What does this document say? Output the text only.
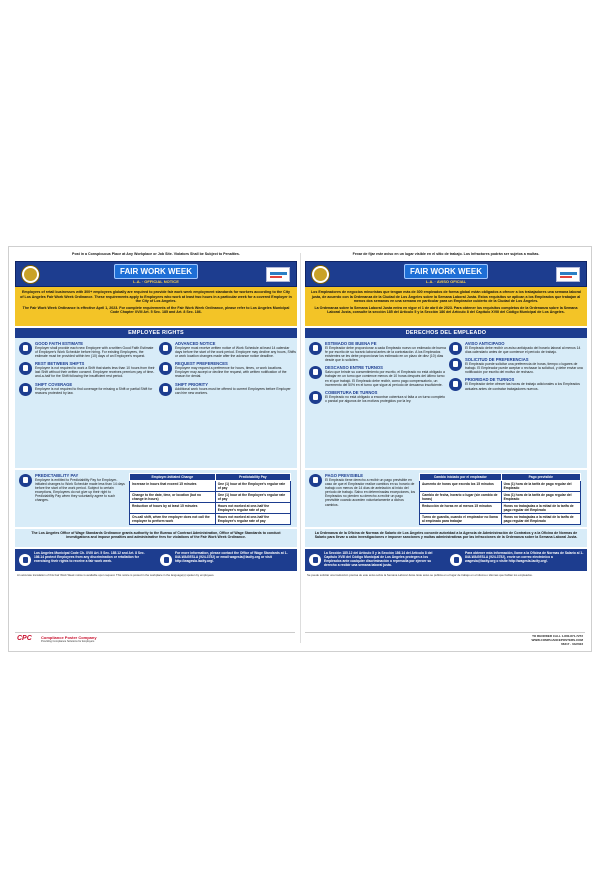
Post in a Conspicuous Place at Any Workplace or Job Site. Violators Shall be Subject to Penalties.
FAIR WORK WEEK
L.A. · OFFICIAL NOTICE

Employers of retail businesses with 300+ employees globally are required to provide fair work week employment standards for workers according to the City of Los Angeles Fair Work Week Ordinance. These requirements apply to Employees who work at least two hours in a particular week for a covered Employer in the City of Los Angeles.

The Fair Work Week Ordinance is effective April 1, 2023. For complete requirements of the Fair Work Week Ordinance, please refer to Los Angeles Municipal Code Chapter XVIII Art. 5 Sec. 185 and Art. 8 Sec. 186.

EMPLOYEE RIGHTS
GOOD FAITH ESTIMATE
Employer shall provide each new Employee with a written Good Faith Estimate of Employee's Work Schedule before hiring. For existing Employees, the estimate must be provided within ten (10) days of an Employee's request.
REST BETWEEN SHIFTS
Employee is not required to work a Shift that starts less than 10 hours from their last Shift without their written consent. Employee receives premium pay of time-and-a-half for the Shift following the insufficient rest period.
SHIFT COVERAGE
Employee is not required to find coverage for missing a Shift or partial Shift for reasons protected by law.
ADVANCED NOTICE
Employee must receive written notice of Work Schedule at least 14 calendar days before the start of the work period. Employee may decline any hours, Shifts or work location changes made after the advance notice deadline.
REQUEST PREFERENCES
Employee may request a preference for hours, times, or work locations. Employer may accept or decline the request, with written notification of the reason for denial.
SHIFT PRIORITY
Additional work hours must be offered to current Employees before Employer can hire new workers.
PREDICTABILITY PAY
Employee is entitled to Predictability Pay for Employer-initiated changes to Work Schedule made less than 14 days before the start of the work period. Subject to certain exceptions, Employees do not give up their right to Predictability Pay when they voluntarily agree to such changes.
Employer-Initiated Change	Predictability Pay
Increase in hours that exceed 15 minutes	One (1) hour at the Employee's regular rate of pay
Change to the date, time, or location (but no change in hours)	One (1) hour at the Employee's regular rate of pay
Reduction of hours by at least 15 minutes	Hours not worked at one-half the Employee's regular rate of pay
On-call shift, when the employer does not call the employee to perform work	Hours not worked at one-half the Employee's regular rate of pay
The Los Angeles Office of Wage Standards Ordinance grants authority to the Bureau of Contract Administration, Office of Wage Standards to conduct investigations and impose penalties and administrative fees for violations of the Fair Work Week Ordinance.
Los Angeles Municipal Code Ch. XVIII Art. 5 Sec. 185.12 and Art. 8 Sec. 186.14 protect Employees from any discrimination or retaliation for exercising their rights to receive a fair work week.
For more information, please contact the Office of Wage Standards at 1-844-WAGESLA (924-3752) or email wagesla@lacity.org or visit http://wagesla.lacity.org/.
An accurate translation of this Fair Work Week notice is available upon request. This notice is posted in the workplace in the language(s) spoken by employees.
CPC Compliance Poster Company
Providing Compliance Solutions for Employers
Fexar de fijar este aviso en un lugar visible en el sitio de trabajo. Los Infractores podrán ser sujetos a multas.
FAIR WORK WEEK
L.A. · AVISO OFICIAL

Los Empleadores de negocios minoristas que tengan más de 300 empleados de forma global están obligados a ofrecer a los trabajadores una semana laboral justa, de acuerdo con la Ordenanza de la Ciudad de Los Ángeles sobre la Semana Laboral Justa. Estos requisitos se aplican a los Empleados que trabajan al menos dos semanas en una semana en particular para un Empleador cubierto de la Ciudad de Los Ángeles.

La Ordenanza sobre la Semana Laboral Justa entra en vigor el 1 de abril de 2023. Para obtener los requisitos completos de la Ordenanza sobre la Semana Laboral Justa, consulte la sección 185 del Artículo 5 y la Sección 186 del Artículo 8 del Capítulo XVIII del Código Municipal de Los Ángeles.

DERECHOS DEL EMPLEADO
ESTIMADO DE BUENA FE
El Empleador debe proporcionar a cada Empleado nuevo un estimado de buena fe por escrito de su horario laboral antes de la contratación. A los Empleados existentes se les debe proporcionar los estimado en un plazo de diez (10) días desde que lo soliciten.
DESCANSO ENTRE TURNOS
Salvo que brinde su consentimiento por escrito, el Empleado no está obligado a trabajar en un turno que comience menos de 10 horas después del último turno en el que trabajó. El Empleado debe recibir, como pago compensatorio, un incremento del 50% en el turno que sigue al período de descanso insuficiente.
COBERTURA DE TURNOS
El Empleado no está obligado a encontrar cobertura si falta a un turno completo o parcial por algunos de los motivos protegidos por la ley.
AVISO ANTICIPADO
El Empleado debe recibir un aviso anticipado del horario laboral al menos 14 días calendario antes de que comience el período de trabajo.
SOLICITUD DE PREFERENCIAS
El Empleado puede solicitar una preferencia de horas, tiempo o lugares de trabajo. El Empleador puede aceptar o rechazar la solicitud, y debe enviar una notificación por escrito del motivo de rechazo.
PRIORIDAD DE TURNOS
El Empleador debe ofrecer las horas de trabajo adicionales a los Empleados actuales antes de contratar trabajadores nuevos.
PAGO PREVISIBLE
El Empleado tiene derecho a recibir un pago previsible en caso de que el Empleador realice cambios en su horario de trabajo con menos de 14 días de antelación al inicio del período de trabajo. Salvo en determinadas excepciones, los Empleados no pierden su derecho a recibir un pago previsible cuando acceden voluntariamente a dichos cambios.
Cambio iniciado por el empleador	Pago previsible
Aumento de horas que exceda los 15 minutos	Una (1) hora de la tarifa de pago regular del Empleado
Cambio de fecha, horario o lugar (sin cambio de horas)	Una (1) hora de la tarifa de pago regular del Empleado
Reducción de horas en al menos 15 minutos	Horas no trabajadas a la mitad de la tarifa de pago regular del Empleado
Turno de guardia, cuando el empleador no llama al empleado para trabajar	Horas no trabajadas a la mitad de la tarifa de pago regular del Empleado
La Ordenanza de la Oficina de Normas de Salario de Los Ángeles concede autoridad a la Agencia de Administración de Contratos y a la Oficina de Normas de Salario para llevar a cabo investigaciones e imponer sanciones y multas administrativas por las infracciones de la Ordenanza sobre la Semana Laboral Justa.
La Sección 185.12 del Artículo 5 y la Sección 186.14 del Artículo 8 del Capítulo XVIII del Código Municipal de Los Ángeles protegen a los Empleados ante cualquier discriminación o represalia por ejercer su derecho a recibir una semana laboral justa.
Para obtener más información, llame a la Oficina de Normas de Salario al 1-844-WAGESLA (924-3752), envíe un correo electrónico a wagesla@lacity.org o visite http://wagesla.lacity.org/.
Se puede solicitar una traducción precisa de este aviso sobre la Semana Laboral Justa. Este aviso se publica en el lugar de trabajo en el idioma o idiomas que hablan los empleados.
TO REORDER CALL 1-800-871-7272
WWW.COMPLIANCEPOSTERS.COM
66217 · 04/2023
